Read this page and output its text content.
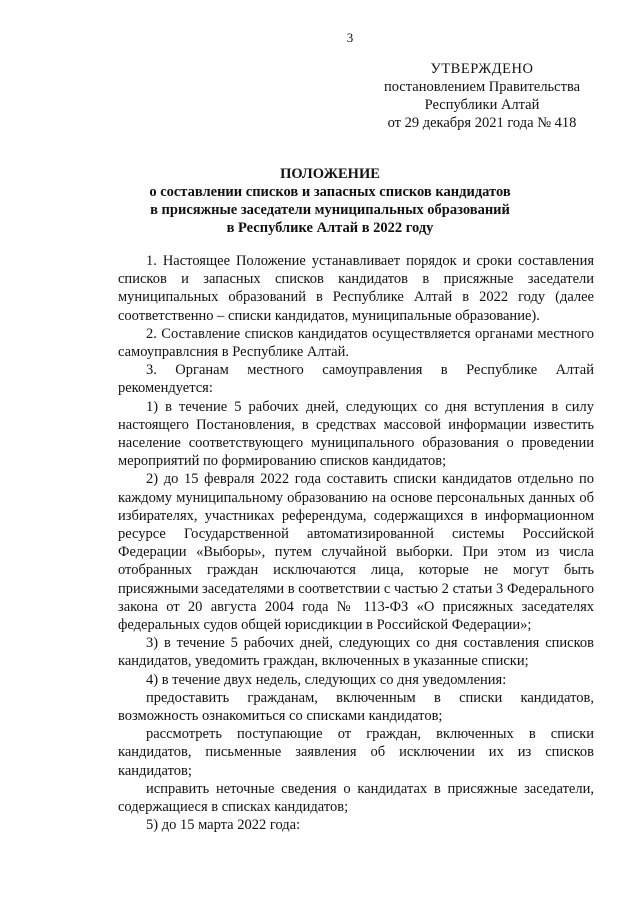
3
УТВЕРЖДЕНО
постановлением Правительства
Республики Алтай
от 29 декабря 2021 года № 418
ПОЛОЖЕНИЕ
о составлении списков и запасных списков кандидатов
в присяжные заседатели муниципальных образований
в Республике Алтай в 2022 году

1. Настоящее Положение устанавливает порядок и сроки составления списков и запасных списков кандидатов в присяжные заседатели муниципальных образований в Республике Алтай в 2022 году (далее соответственно – списки кандидатов, муниципальные образование).

2. Составление списков кандидатов осуществляется органами местного самоуправлсния в Республике Алтай.

3. Органам местного самоуправления в Республике Алтай рекомендуется:

1) в течение 5 рабочих дней, следующих со дня вступления в силу настоящего Постановления, в средствах массовой информации известить население соответствующего муниципального образования о проведении мероприятий по формированию списков кандидатов;

2) до 15 февраля 2022 года составить списки кандидатов отдельно по каждому муниципальному образованию на основе персональных данных об избирателях, участниках референдума, содержащихся в информационном ресурсе Государственной автоматизированной системы Российской Федерации «Выборы», путем случайной выборки. При этом из числа отобранных граждан исключаются лица, которые не могут быть присяжными заседателями в соответствии с частью 2 статьи 3 Федерального закона от 20 августа 2004 года № 113-ФЗ «О присяжных заседателях федеральных судов общей юрисдикции в Российской Федерации»;

3) в течение 5 рабочих дней, следующих со дня составления списков кандидатов, уведомить граждан, включенных в указанные списки;

4) в течение двух недель, следующих со дня уведомления:

предоставить гражданам, включенным в списки кандидатов, возможность ознакомиться со списками кандидатов;

рассмотреть поступающие от граждан, включенных в списки кандидатов, письменные заявления об исключении их из списков кандидатов;

исправить неточные сведения о кандидатах в присяжные заседатели, содержащиеся в списках кандидатов;

5) до 15 марта 2022 года:
